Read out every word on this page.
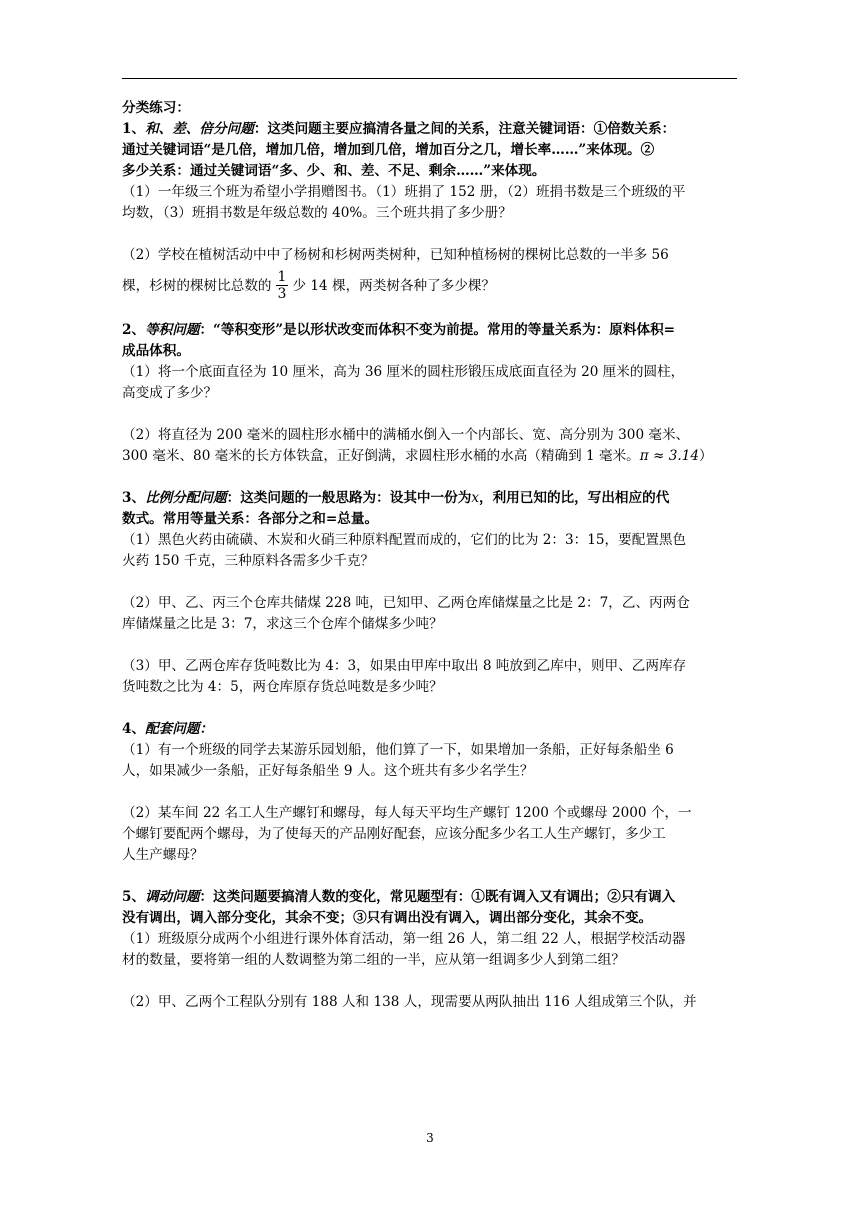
分类练习：
1、和、差、倍分问题：这类问题主要应搞清各量之间的关系，注意关键词语：①倍数关系：
通过关键词语“是几倍，增加几倍，增加到几倍，增加百分之几，增长率……”来体现。②
多少关系：通过关键词语“多、少、和、差、不足、剩余……”来体现。
（1）一年级三个班为希望小学捐赠图书。（1）班捐了 152 册，（2）班捐书数是三个班级的平
均数，（3）班捐书数是年级总数的 40%。三个班共捐了多少册？
（2）学校在植树活动中中了杨树和杉树两类树种，已知种植杨树的棵树比总数的一半多 56
棵，杉树的棵树比总数的 $\frac{1}{3}$ 少 14 棵，两类树各种了多少棵？
2、等积问题：“等积变形”是以形状改变而体积不变为前提。常用的等量关系为：原料体积=
成品体积。
（1）将一个底面直径为 10 厘米，高为 36 厘米的圆柱形锻压成底面直径为 20 厘米的圆柱，
高变成了多少？
（2）将直径为 200 毫米的圆柱形水桶中的满桶水倒入一个内部长、宽、高分别为 300 毫米、
300 毫米、80 毫米的长方体铁盒，正好倒满，求圆柱形水桶的水高（精确到 1 毫米。π ≈ 3.14）
3、比例分配问题：这类问题的一般思路为：设其中一份为x，利用已知的比，写出相应的代
数式。常用等量关系：各部分之和=总量。
（1）黑色火药由硫磺、木炭和火硝三种原料配置而成的，它们的比为 2：3：15，要配置黑色
火药 150 千克，三种原料各需多少千克？
（2）甲、乙、丙三个仓库共储煤 228 吨，已知甲、乙两仓库储煤量之比是 2：7，乙、丙两仓
库储煤量之比是 3：7，求这三个仓库个储煤多少吨？
（3）甲、乙两仓库存货吨数比为 4：3，如果由甲库中取出 8 吨放到乙库中，则甲、乙两库存
货吨数之比为 4：5，两仓库原存货总吨数是多少吨？
4、配套问题：
（1）有一个班级的同学去某游乐园划船，他们算了一下，如果增加一条船，正好每条船坐 6
人，如果减少一条船，正好每条船坐 9 人。这个班共有多少名学生？
（2）某车间 22 名工人生产螺钉和螺母，每人每天平均生产螺钉 1200 个或螺母 2000 个，一
个螺钉要配两个螺母，为了使每天的产品刚好配套，应该分配多少名工人生产螺钉，多少工
人生产螺母？
5、调动问题：这类问题要搞清人数的变化，常见题型有：①既有调入又有调出；②只有调入
没有调出，调入部分变化，其余不变；③只有调出没有调入，调出部分变化，其余不变。
（1）班级原分成两个小组进行课外体育活动，第一组 26 人，第二组 22 人，根据学校活动器
材的数量，要将第一组的人数调整为第二组的一半，应从第一组调多少人到第二组？
（2）甲、乙两个工程队分别有 188 人和 138 人，现需要从两队抽出 116 人组成第三个队，并
3
